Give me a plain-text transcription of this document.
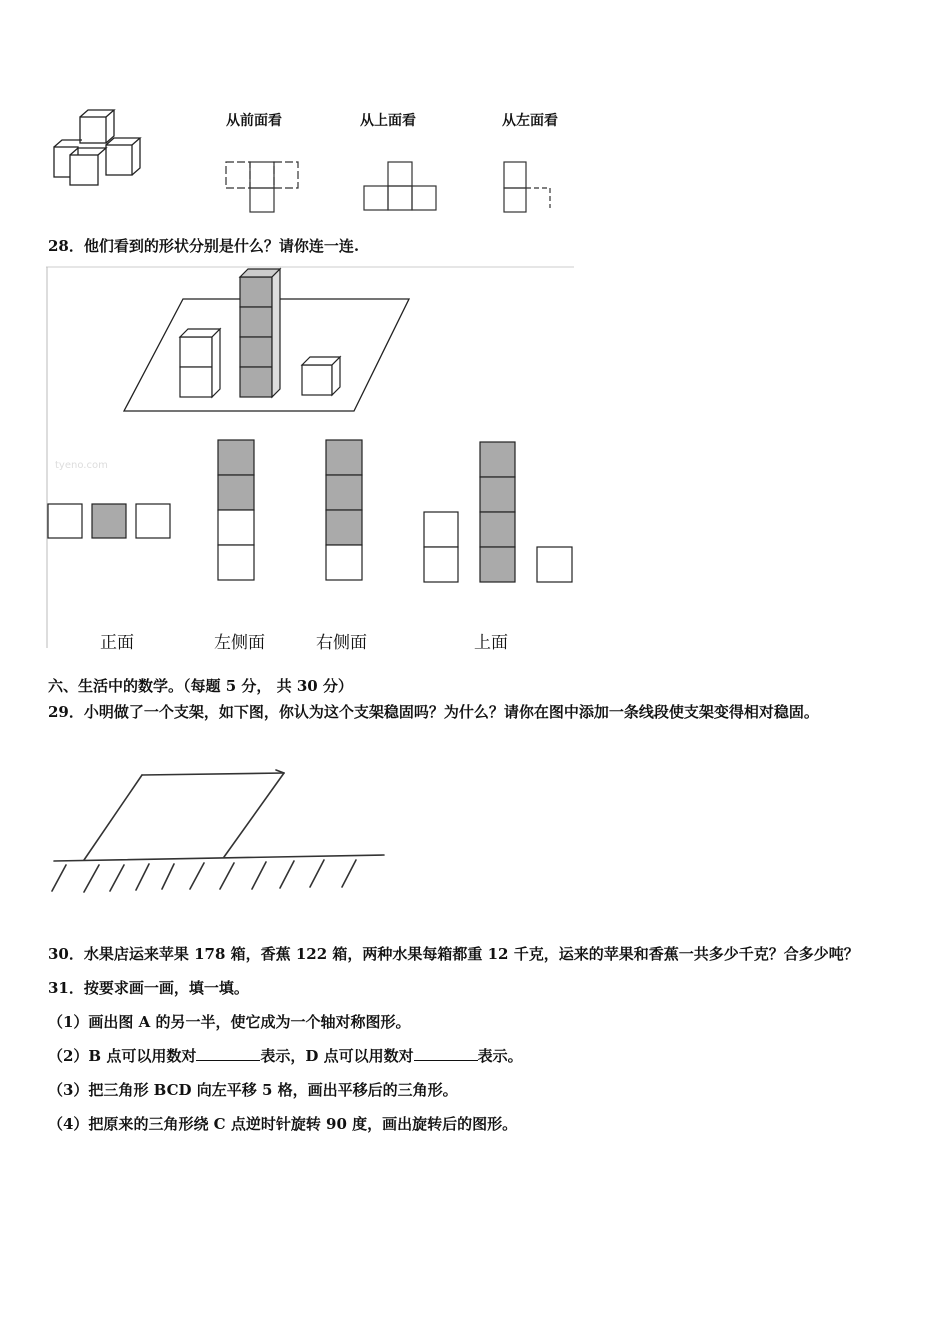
从前面看	从上面看	从左面看
28．他们看到的形状分别是什么？请你连一连.
tyeno.com
正面	左侧面	右侧面	上面
六、生活中的数学。（每题 5 分， 共 30 分）
29．小明做了一个支架，如下图，你认为这个支架稳固吗？为什么？请你在图中添加一条线段使支架变得相对稳固。
30．水果店运来苹果 178 箱，香蕉 122 箱，两种水果每箱都重 12 千克，运来的苹果和香蕉一共多少千克？合多少吨？
31．按要求画一画，填一填。
（1）画出图 A 的另一半，使它成为一个轴对称图形。
（2）B 点可以用数对	表示，D 点可以用数对	表示。
（3）把三角形 BCD 向左平移 5 格，画出平移后的三角形。
（4）把原来的三角形绕 C 点逆时针旋转 90 度，画出旋转后的图形。
